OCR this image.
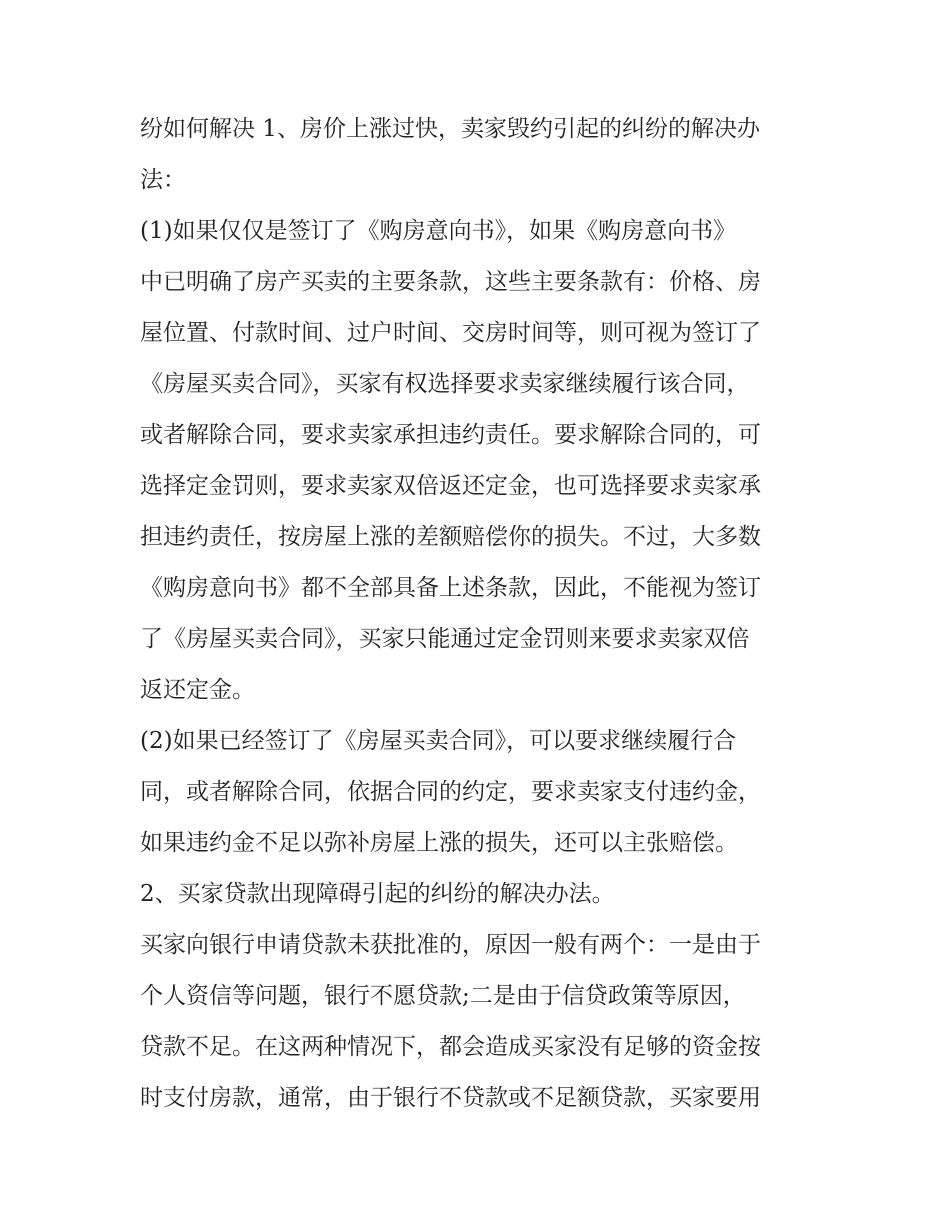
纷如何解决 1、房价上涨过快，卖家毁约引起的纠纷的解决办
法：
(1)如果仅仅是签订了《购房意向书》，如果《购房意向书》
中已明确了房产买卖的主要条款，这些主要条款有：价格、房
屋位置、付款时间、过户时间、交房时间等，则可视为签订了
《房屋买卖合同》，买家有权选择要求卖家继续履行该合同，
或者解除合同，要求卖家承担违约责任。要求解除合同的，可
选择定金罚则，要求卖家双倍返还定金，也可选择要求卖家承
担违约责任，按房屋上涨的差额赔偿你的损失。不过，大多数
《购房意向书》都不全部具备上述条款，因此，不能视为签订
了《房屋买卖合同》，买家只能通过定金罚则来要求卖家双倍
返还定金。
(2)如果已经签订了《房屋买卖合同》，可以要求继续履行合
同，或者解除合同，依据合同的约定，要求卖家支付违约金，
如果违约金不足以弥补房屋上涨的损失，还可以主张赔偿。
2、买家贷款出现障碍引起的纠纷的解决办法。
买家向银行申请贷款未获批准的，原因一般有两个：一是由于
个人资信等问题，银行不愿贷款;二是由于信贷政策等原因，
贷款不足。在这两种情况下，都会造成买家没有足够的资金按
时支付房款，通常，由于银行不贷款或不足额贷款，买家要用
